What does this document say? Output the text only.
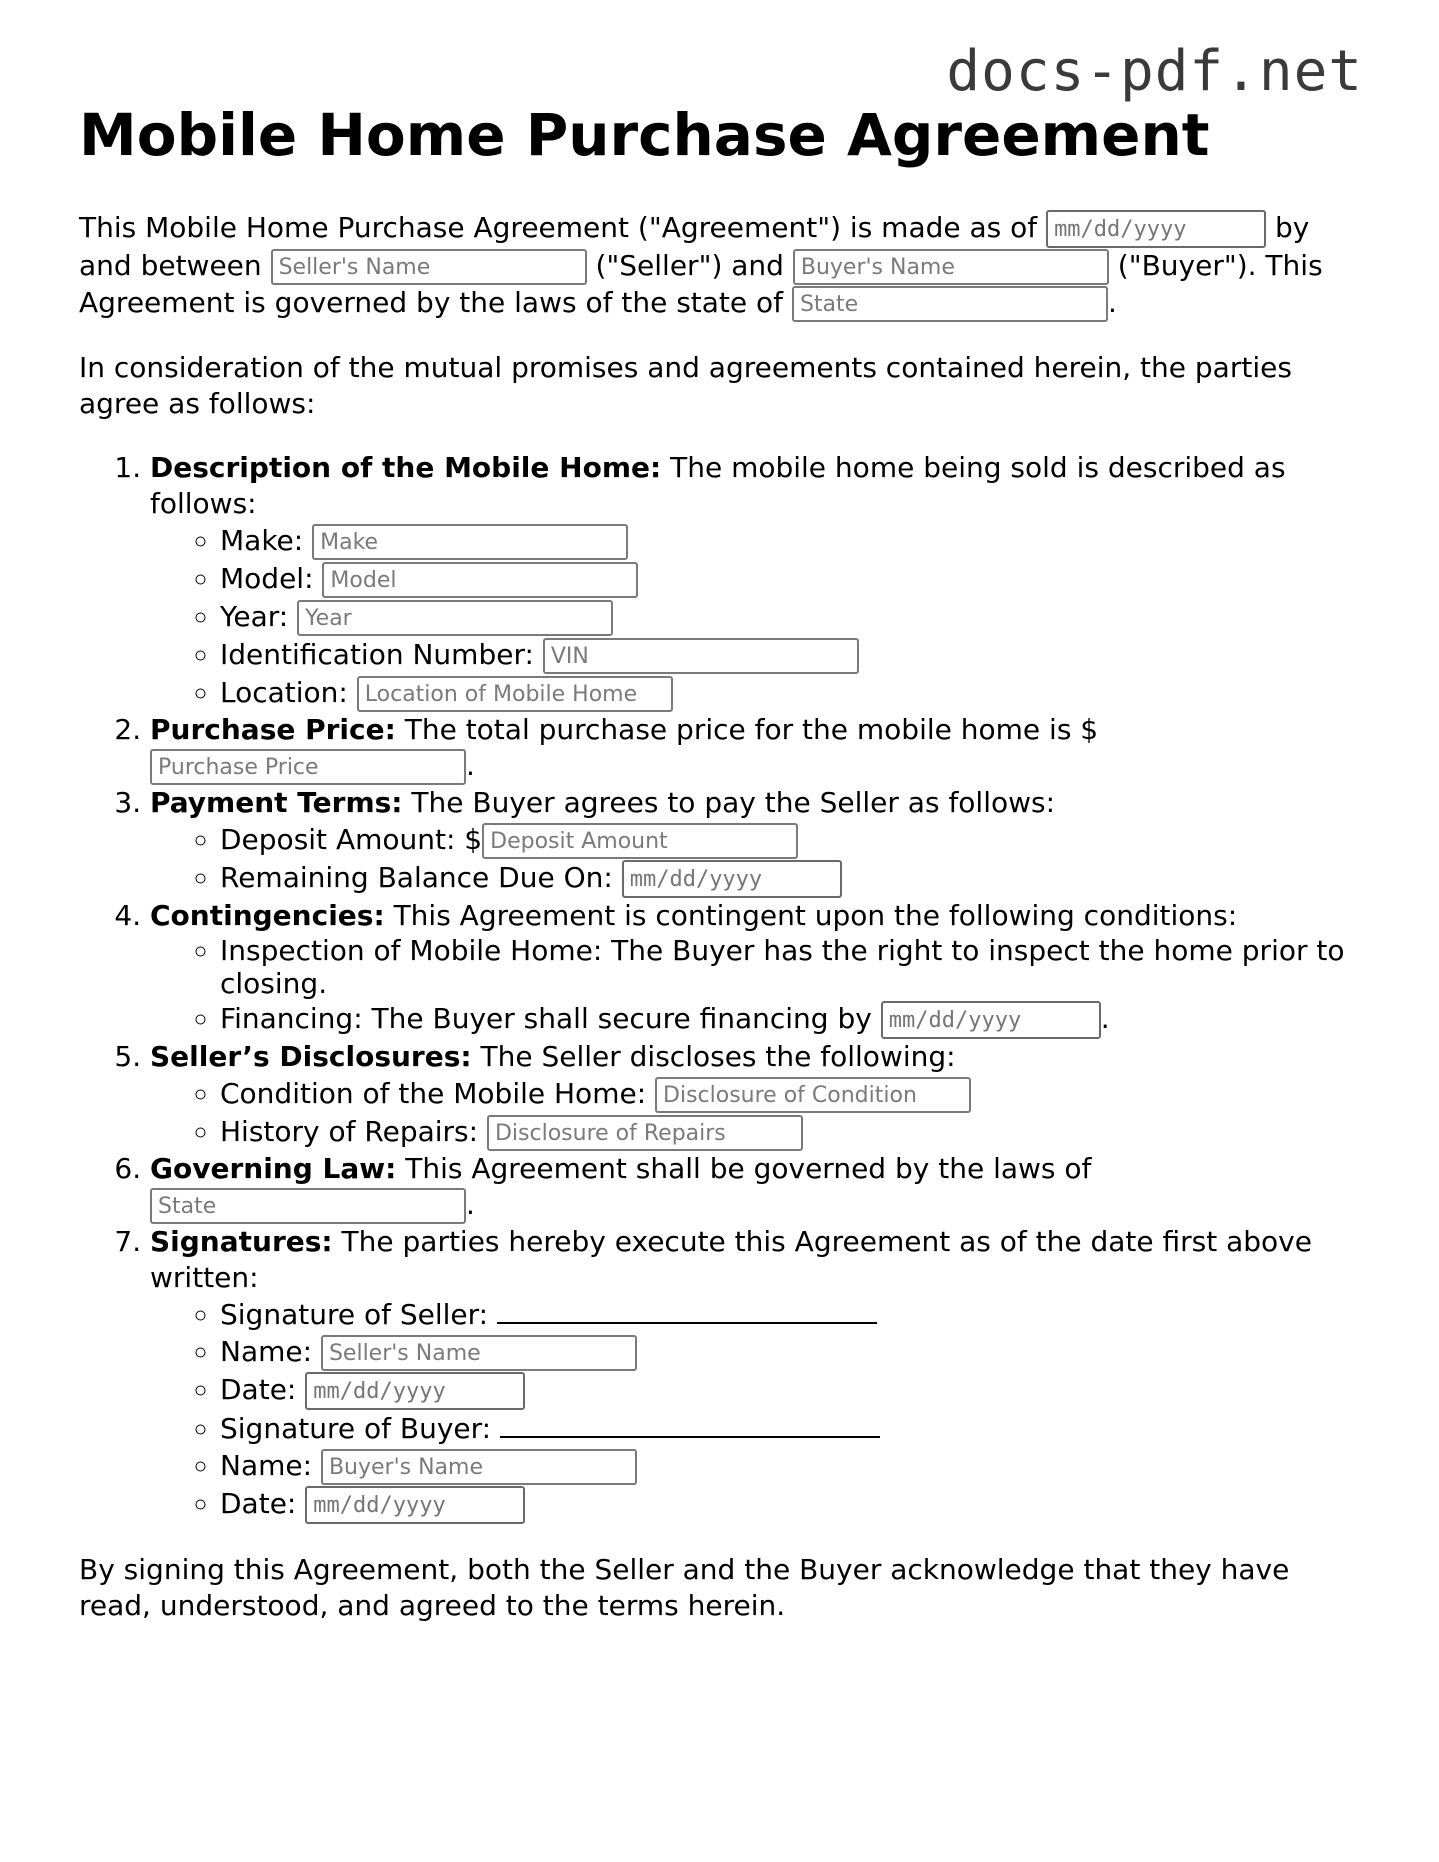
docs-pdf.net
Mobile Home Purchase Agreement

This Mobile Home Purchase Agreement ("Agreement") is made as of mm/dd/yyyy	by and between Seller's Name	("Seller") and Buyer's Name	("Buyer"). This Agreement is governed by the laws of the state of State	.

In consideration of the mutual promises and agreements contained herein, the parties agree as follows:

1. Description of the Mobile Home: The mobile home being sold is described as follows:
◦ Make: Make
◦ Model: Model
◦ Year: Year
◦ Identification Number: VIN
◦ Location: Location of Mobile Home
2. Purchase Price: The total purchase price for the mobile home is $ Purchase Price.
3. Payment Terms: The Buyer agrees to pay the Seller as follows:
◦ Deposit Amount: $Deposit Amount
◦ Remaining Balance Due On: mm/dd/yyyy
4. Contingencies: This Agreement is contingent upon the following conditions:
◦ Inspection of Mobile Home: The Buyer has the right to inspect the home prior to closing.
◦ Financing: The Buyer shall secure financing by mm/dd/yyyy	.
5. Seller’s Disclosures: The Seller discloses the following:
◦ Condition of the Mobile Home: Disclosure of Condition
◦ History of Repairs: Disclosure of Repairs
6. Governing Law: This Agreement shall be governed by the laws of State.
7. Signatures: The parties hereby execute this Agreement as of the date first above written:
◦ Signature of Seller:
◦ Name: Seller's Name
◦ Date: mm/dd/yyyy
◦ Signature of Buyer:
◦ Name: Buyer's Name
◦ Date: mm/dd/yyyy

By signing this Agreement, both the Seller and the Buyer acknowledge that they have read, understood, and agreed to the terms herein.
